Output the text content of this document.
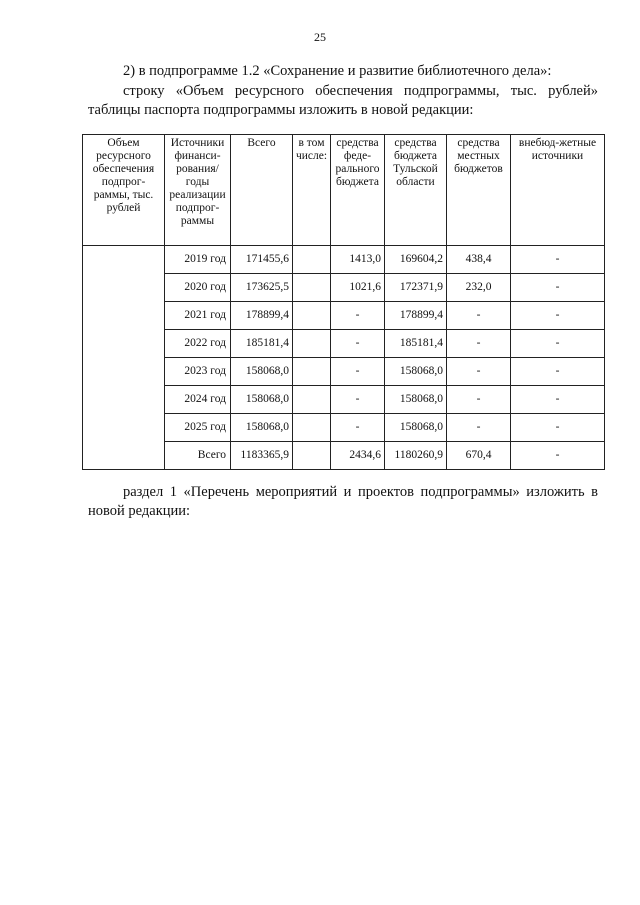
25
2) в подпрограмме 1.2 «Сохранение и развитие библиотечного дела»:
строку «Объем ресурсного обеспечения подпрограммы, тыс. рублей» таблицы паспорта подпрограммы изложить в новой редакции:
Объем ресурсного обеспечения подпрог-раммы, тыс. рублей	Источники финанси-рования/ годы реализации подпрог-раммы	Всего	в том числе:	средства феде-рального бюджета	средства бюджета Тульской области	средства местных бюджетов	внебюд-жетные источники
	2019 год	171455,6		1413,0	169604,2	438,4	-
	2020 год	173625,5		1021,6	172371,9	232,0	-
	2021 год	178899,4		-	178899,4	-	-
	2022 год	185181,4		-	185181,4	-	-
	2023 год	158068,0		-	158068,0	-	-
	2024 год	158068,0		-	158068,0	-	-
	2025 год	158068,0		-	158068,0	-	-
	Всего	1183365,9		2434,6	1180260,9	670,4	-
раздел 1 «Перечень мероприятий и проектов подпрограммы» изложить в новой редакции:
